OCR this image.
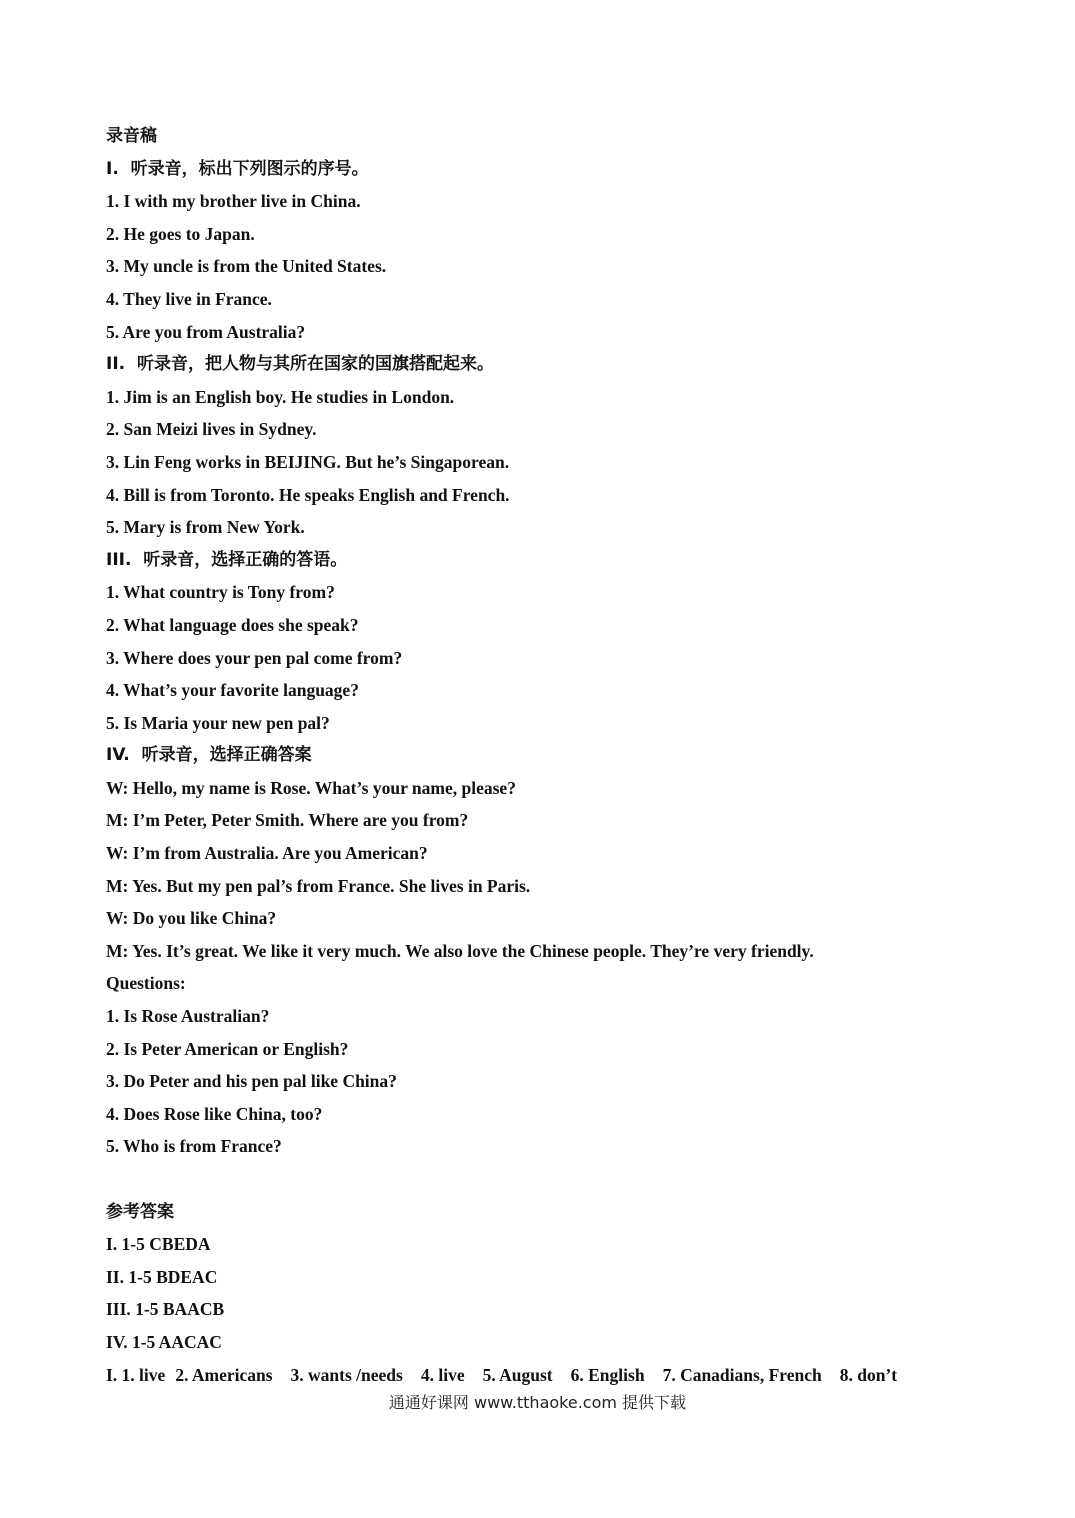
录音稿
I.  听录音，标出下列图示的序号。
1. I with my brother live in China.
2. He goes to Japan.
3. My uncle is from the United States.
4. They live in France.
5. Are you from Australia?
II.  听录音，把人物与其所在国家的国旗搭配起来。
1. Jim is an English boy. He studies in London.
2. San Meizi lives in Sydney.
3. Lin Feng works in BEIJING. But he’s Singaporean.
4. Bill is from Toronto. He speaks English and French.
5. Mary is from New York.
III.  听录音，选择正确的答语。
1. What country is Tony from?
2. What language does she speak?
3. Where does your pen pal come from?
4. What’s your favorite language?
5. Is Maria your new pen pal?
IV.  听录音，选择正确答案
W: Hello, my name is Rose. What’s your name, please?
M: I’m Peter, Peter Smith. Where are you from?
W: I’m from Australia. Are you American?
M: Yes. But my pen pal’s from France. She lives in Paris.
W: Do you like China?
M: Yes. It’s great. We like it very much. We also love the Chinese people. They’re very friendly.
Questions:
1. Is Rose Australian?
2. Is Peter American or English?
3. Do Peter and his pen pal like China?
4. Does Rose like China, too?
5. Who is from France?
参考答案
I. 1-5 CBEDA
II. 1-5 BDEAC
III. 1-5 BAACB
IV. 1-5 AACAC
I. 1. live 2. Americans 3. wants /needs 4. live 5. August 6. English 7. Canadians, French 8. don’t
通通好课网 www.tthaoke.com 提供下载
